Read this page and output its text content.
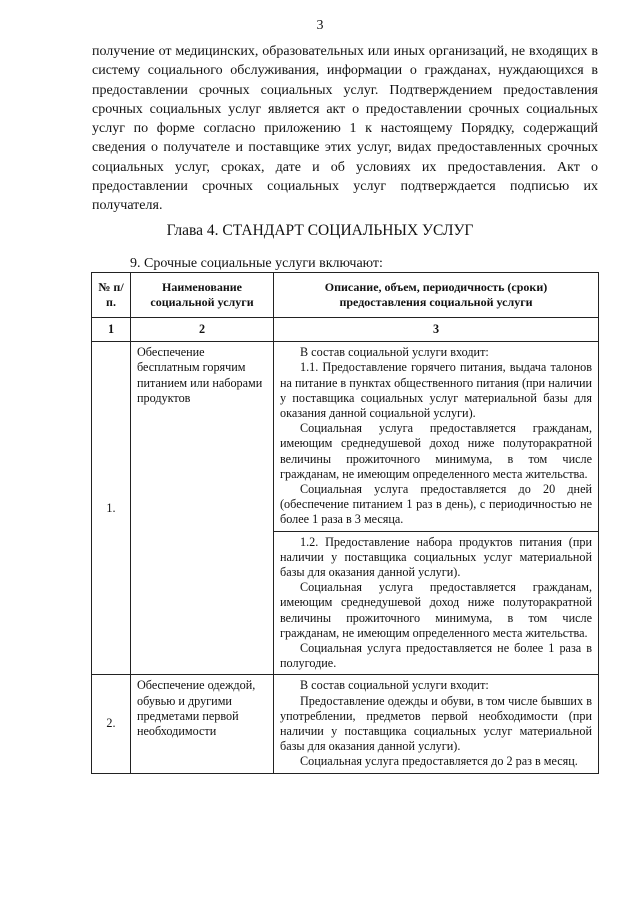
3

получение от медицинских, образовательных или иных организаций, не входящих в систему социального обслуживания, информации о гражданах, нуждающихся в предоставлении срочных социальных услуг. Подтверждением предоставления срочных социальных услуг является акт о предоставлении срочных социальных услуг по форме согласно приложению 1 к настоящему Порядку, содержащий сведения о получателе и поставщике этих услуг, видах предоставленных срочных социальных услуг, сроках, дате и об условиях их предоставления. Акт о предоставлении срочных социальных услуг подтверждается подписью их получателя.

Глава 4. СТАНДАРТ СОЦИАЛЬНЫХ УСЛУГ
9. Срочные социальные услуги включают:
№ п/п.	Наименование социальной услуги	Описание, объем, периодичность (сроки) предоставления социальной услуги
1	2	3
1.	Обеспечение бесплатным горячим питанием или наборами продуктов	В состав социальной услуги входит:

1.1. Предоставление горячего питания, выдача талонов на питание в пунктах общественного питания (при наличии у поставщика социальных услуг материальной базы для оказания данной социальной услуги).

Социальная услуга предоставляется гражданам, имеющим среднедушевой доход ниже полуторакратной величины прожиточного минимума, в том числе гражданам, не имеющим определенного места жительства.

Социальная услуга предоставляется до 20 дней (обеспечение питанием 1 раз в день), с периодичностью не более 1 раза в 3 месяца.

		1.2. Предоставление набора продуктов питания (при наличии у поставщика социальных услуг материальной базы для оказания данной услуги).

Социальная услуга предоставляется гражданам, имеющим среднедушевой доход ниже полуторакратной величины прожиточного минимума, в том числе гражданам, не имеющим определенного места жительства.

Социальная услуга предоставляется не более 1 раза в полугодие.

2.	Обеспечение одеждой, обувью и другими предметами первой необходимости	В состав социальной услуги входит:

Предоставление одежды и обуви, в том числе бывших в употреблении, предметов первой необходимости (при наличии у поставщика социальных услуг материальной базы для оказания данной услуги).

Социальная услуга предоставляется до 2 раз в месяц.
